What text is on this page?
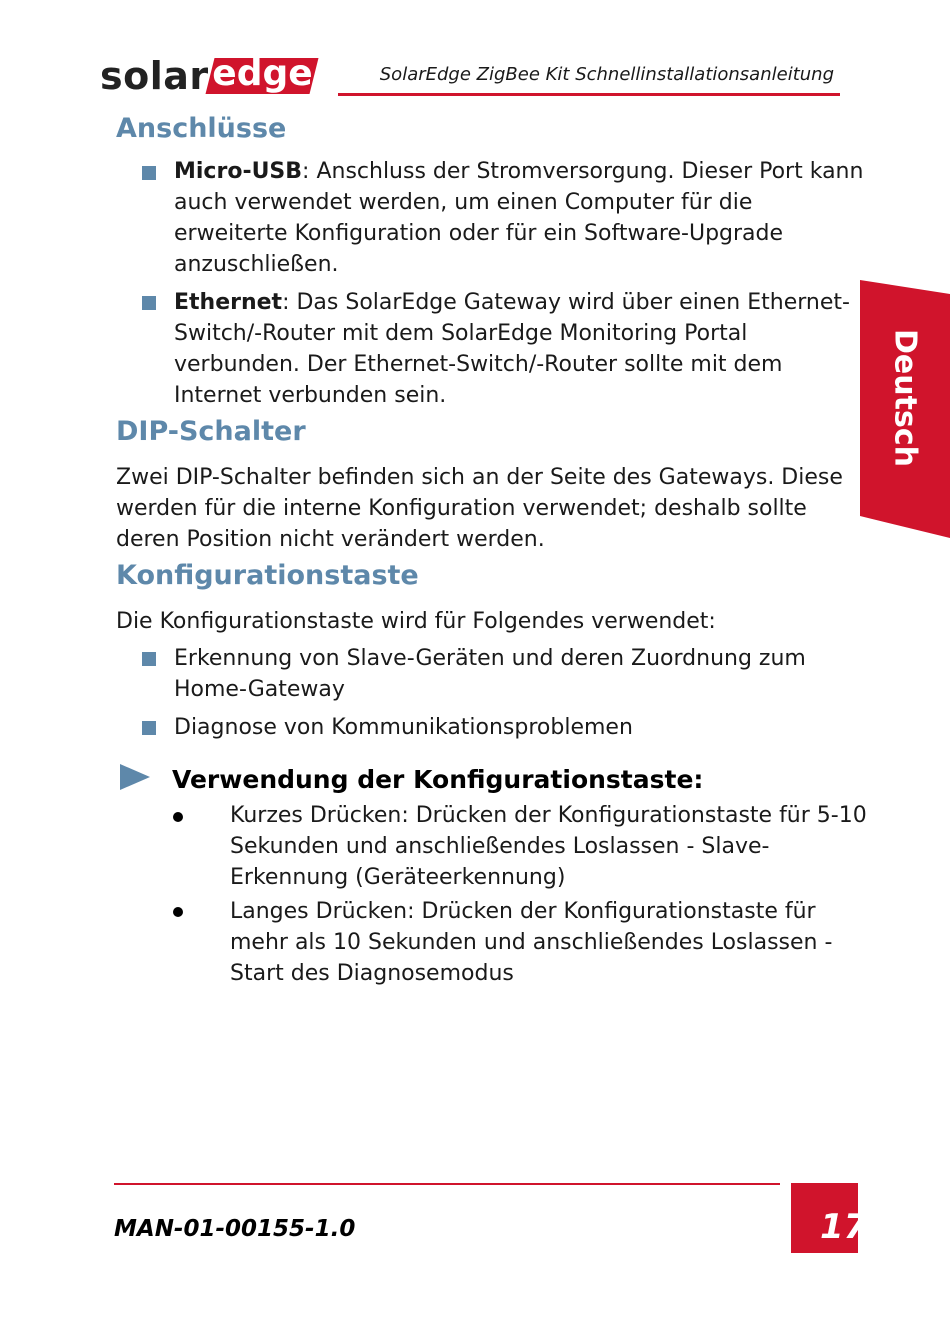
solar edge	SolarEdge ZigBee Kit Schnellinstallationsanleitung
Deutsch
Anschlüsse
Micro-USB: Anschluss der Stromversorgung. Dieser Port kann
auch verwendet werden, um einen Computer für die
erweiterte Konfiguration oder für ein Software-Upgrade
anzuschließen.
Ethernet: Das SolarEdge Gateway wird über einen Ethernet-
Switch/-Router mit dem SolarEdge Monitoring Portal
verbunden. Der Ethernet-Switch/-Router sollte mit dem
Internet verbunden sein.
DIP-Schalter
Zwei DIP-Schalter befinden sich an der Seite des Gateways. Diese
werden für die interne Konfiguration verwendet; deshalb sollte
deren Position nicht verändert werden.
Konfigurationstaste
Die Konfigurationstaste wird für Folgendes verwendet:
Erkennung von Slave-Geräten und deren Zuordnung zum
Home-Gateway
Diagnose von Kommunikationsproblemen
Verwendung der Konfigurationstaste:
Kurzes Drücken: Drücken der Konfigurationstaste für 5-10
Sekunden und anschließendes Loslassen - Slave-
Erkennung (Geräteerkennung)
Langes Drücken: Drücken der Konfigurationstaste für
mehr als 10 Sekunden und anschließendes Loslassen -
Start des Diagnosemodus
MAN-01-00155-1.0	17
